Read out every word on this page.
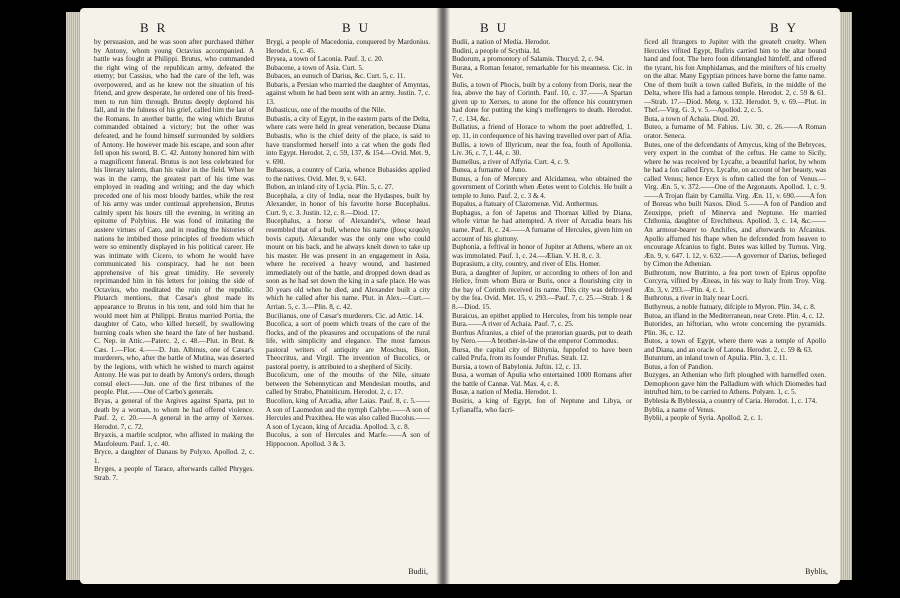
BR	BU

by persuasion, and he was soon after purchased thither by Antony, whom young Octavius accompanied. A battle was fought at Philippi. Brutus, who commanded the right wing of the republican army, defeated the enemy; but Cassius, who had the care of the left, was overpowered, and as he knew not the situation of his friend, and grew desperate, he ordered one of his freed-men to run him through. Brutus deeply deplored his fall, and in the fulness of his grief, called him the last of the Romans. In another battle, the wing which Brutus commanded obtained a victory; but the other was defeated, and he found himself surrounded by soldiers of Antony. He however made his escape, and soon after fell upon his sword, B. C. 42. Antony honored him with a magnificent funeral. Brutus is not less celebrated for his literary talents, than his valor in the field. When he was in the camp, the greatest part of his time was employed in reading and writing; and the day which preceded one of his most bloody battles, while the rest of his army was under continual apprehension, Brutus calmly spent his hours till the evening, in writing an epitome of Polybius. He was fond of imitating the austere virtues of Cato, and in reading the histories of nations he imbibed those principles of freedom which were so eminently displayed in his political career. He was intimate with Cicero, to whom he would have communicated his conspiracy, had he not been apprehensive of his great timidity. He severely reprimanded him in his letters for joining the side of Octavius, who meditated the ruin of the republic. Plutarch mentions, that Cæsar's ghost made its appearance to Brutus in his tent, and told him that he would meet him at Philippi. Brutus married Portia, the daughter of Cato, who killed herself, by swallowing burning coals when she heard the fate of her husband. C. Nep. in Attic.—Paterc. 2, c. 48.—Plut. in Brut. & Cæs. 1.—Flor. 4.——D. Jun. Albinus, one of Cæsar's murderers, who, after the battle of Mutina, was deserted by the legions, with which he wished to march against Antony. He was put to death by Antony's orders, though consul elect——Jun. one of the first tribunes of the people. Plut.——One of Carbo's generals.

Bryas, a general of the Argives against Sparta, put to death by a woman, to whom he had offered violence. Pauf. 2, c. 20.——A general in the army of Xerxes. Herodot. 7, c. 72.

Bryaxis, a marble sculptor, who affisted in making the Maufoleum. Pauf. 1, c. 40.

Bryce, a daughter of Danaus by Polyxo. Apollod. 2, c. 1.

Bryges, a people of Tarace, afterwards called Phryges. Strab. 7.

Brygi, a people of Macedonia, conquered by Mardonius. Herodot. 6, c. 45.

Brysea, a town of Laconia. Pauf. 3, c. 20.

Bubacene, a town of Asia. Curt. 5.

Bubaces, an eunuch of Darius, &c. Curt. 5, c. 11.

Bubaris, a Persian who married the daughter of Amyntas, against whom he had been sent with an army. Justin. 7, c. 13.

Bubasticus, one of the mouths of the Nile.

Bubastis, a city of Egypt, in the eastern parts of the Delta, where cats were held in great veneration, because Diana Bubastis, who is the chief deity of the place, is said to have transformed herself into a cat when the gods fled into Egypt. Herodot. 2, c. 59, 137, & 154.—Ovid. Met. 9, v. 690.

Bubassus, a country of Caria, whence Bubasides applied to the natives. Ovid. Met. 9, v. 643.

Bubon, an inland city of Lycia. Plin. 5, c. 27.

Bucephala, a city of India, near the Hydaspes, built by Alexander, in honor of his favorite horse Bucephalus. Curt. 9, c. 3. Justin. 12, c. 8.—Diod. 17.

Bucephalus, a horse of Alexander's, whose head resembled that of a bull, whence his name (βους κεφαλη bovis caput). Alexander was the only one who could mount on his back, and he always knelt down to take up his master. He was present in an engagement in Asia, where he received a heavy wound, and hastened immediately out of the battle, and dropped down dead as soon as he had set down the king in a safe place. He was 30 years old when he died, and Alexander built a city which he called after his name. Plut. in Alex.—Curt.—Arrian. 5, c. 3.—Plin. 8, c. 42.

Bucilianus, one of Cæsar's murderers. Cic. ad Attic. 14.

Bucolica, a sort of poem which treats of the care of the flocks, and of the pleasures and occupations of the rural life, with simplicity and elegance. The most famous pastoral writers of antiquity are Moschus, Bion, Theocritus, and Virgil. The invention of Bucolics, or pastoral poetry, is attributed to a shepherd of Sicily.

Bucolicum, one of the mouths of the Nile, situate between the Sebennytican and Mendesian mouths, and called by Strabo, Phatniticum. Herodot. 2, c. 17.

Bucolion, king of Arcadia, after Laias. Pauf. 8, c. 5.——A son of Laomedon and the nymph Calybe.——A son of Hercules and Praxithea. He was also called Bucolus.——A son of Lycaon, king of Arcadia. Apollod. 3, c. 8.

Bucolus, a son of Hercules and Marfe.——A son of Hippocoon. Apollod. 3 & 3.

Budii,
BU	BY

Budii, a nation of Media. Herodot.

Budini, a people of Scythia. Id.

Budorum, a promontory of Salamis. Thucyd. 2, c. 94.

Buræa, a Roman fenator, remarkable for his meanness. Cic. in Ver.

Bulis, a town of Phocis, built by a colony from Doris, near the fea, above the bay of Corinth. Pauf. 10, c. 37.——A Spartan given up to Xerxes, to atone for the offence his countrymen had done for putting the king's meffengers to death. Herodot. 7, c. 134, &c.

Bullatius, a friend of Horace to whom the poet addreffed, 1. ep. 11, in confequence of his having travelled over part of Afia.

Bullis, a town of Illyricum, near the fea, fouth of Apollonia. Liv. 36, c. 7, l. 44, c. 30.

Bumellus, a river of Affyria. Curt. 4, c. 9.

Bunea, a furname of Juno.

Bunus, a fon of Mercury and Alcidamea, who obtained the government of Corinth when Æetes went to Colchis. He built a temple to Juno. Pauf. 2, c. 3 & 4.

Bupalus, a ftatuary of Clazomenæ. Vid. Anthermus.

Buphagus, a fon of Japetus and Thornax killed by Diana, whofe virtue he had attempted. A river of Arcadia bears his name. Pauf. 8, c. 24.——A furname of Hercules, given him on account of his gluttony.

Buphonia, a feftival in honor of Jupiter at Athens, where an ox was immolated. Pauf. 1, c. 24.—Ælian. V. H. 8, c. 3.

Buprasium, a city, country, and river of Elis. Homer.

Bura, a daughter of Jupiter, or according to others of Ion and Helice, from whom Bura or Buris, once a flourishing city in the bay of Corinth received its name. This city was deftroyed by the fea. Ovid. Met. 15, v. 293.—Pauf. 7, c. 25.—Strab. 1 & 8.—Diod. 15.

Buraicus, an epithet applied to Hercules, from his temple near Bura.——A river of Achaia. Pauf. 7, c. 25.

Burrhus Afranius, a chief of the prætorian guards, put to death by Nero.——A brother-in-law of the emperor Commodus.

Bursa, the capital city of Bithynia, fuppofed to have been called Prufa, from its founder Prufias. Strab. 12.

Bursia, a town of Babylonia. Juftin. 12, c. 13.

Busa, a woman of Apulia who entertained 1000 Romans after the battle of Cannæ. Val. Max. 4, c. 8.

Busæ, a nation of Media. Herodot. 1.

Busiris, a king of Egypt, fon of Neptune and Libya, or Lyfianaffa, who facri-

ficed all ftrangers to Jupiter with the greateft cruelty. When Hercules vifited Egypt, Bufiris carried him to the altar bound hand and foot. The hero foon difentangled himfelf, and offered the tyrant, his fon Amphidamas, and the minifters of his cruelty on the altar. Many Egyptian princes have borne the fame name. One of them built a town called Bufiris, in the middle of the Delta, where Ifis had a famous temple. Herodot. 2, c. 59 & 61.—Strab. 17.—Diod. Metg. v. 132. Herodot. 9, v. 69.—Plut. in Thef.—Virg. G. 3, v. 5.—Apollod. 2, c. 5.

Buta, a town of Achaia. Diod. 20.

Buteo, a furname of M. Fabius. Liv. 30, c. 26.——A Roman orator. Seneca.

Butes, one of the defcendants of Amycus, king of the Bebryces, very expert in the combat of the ceftus. He came to Sicily, where he was received by Lycafte, a beautiful harlot, by whom he had a fon called Eryx. Lycafte, on account of her beauty, was called Venus; hence Eryx is often called the fon of Venus.—Virg. Æn. 5, v. 372.——One of the Argonauts. Apollod. 1, c. 9.——A Trojan flain by Camilla. Virg. Æn. 11, v. 690.——A fon of Boreas who built Naxos. Diod. 5.——A fon of Pandion and Zeuxippe, prieft of Minerva and Neptune. He married Chthonia, daughter of Erechtheus. Apollod. 3, c. 14, &c.——An armour-bearer to Anchifes, and afterwards to Afcanius. Apollo affumed his fhape when he defcended from heaven to encourage Afcanius to fight. Butes was killed by Turnus. Virg. Æn. 9, v. 647. l. 12, v. 632.——A governor of Darius, befieged by Cimon the Athenian.

Buthrotum, now Butrinto, a fea port town of Epirus oppofite Corcyra, vifited by Æneas, in his way to Italy from Troy. Virg. Æn. 3, v. 293.—Plin. 4, c. 1.

Buthrotus, a river in Italy near Locri.

Buthyreus, a noble ftatuary, difciple to Myron. Plin. 34, c. 8.

Butoa, an ifland in the Mediterranean, near Crete. Plin. 4, c. 12.

Butorides, an hiftorian, who wrote concerning the pyramids. Plin. 36, c. 12.

Butos, a town of Egypt, where there was a temple of Apollo and Diana, and an oracle of Latona. Herodot. 2, c. 59 & 63.

Butuntum, an inland town of Apulia. Plin. 3, c. 11.

Butus, a fon of Pandion.

Buzyges, an Athenian who firft ploughed with harneffed oxen. Demophoon gave him the Palladium with which Diomedes had intrufted him, to be carried to Athens. Polyæn. 1, c. 5.

Byblesia & Byblessia, a country of Caria. Herodot. 1, c. 174.

Byblia, a name of Venus.

Byblii, a people of Syria. Apollod. 2, c. 1.

Byblis,
